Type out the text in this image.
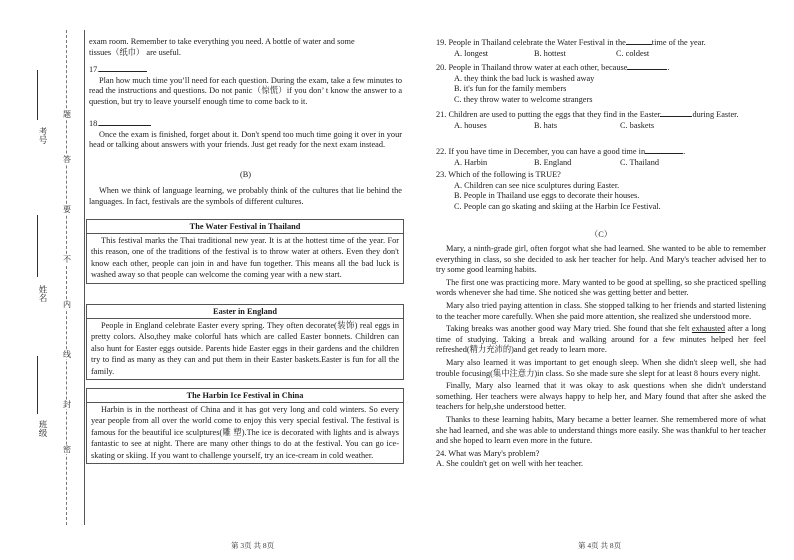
考号
姓名
班级
题
答
要
不
内
线
封
密

exam room. Remember to take everything you need. A bottle of water and some

tissues（纸巾） are useful.

17.

Plan how much time you’ll need for each question. During the exam, take a few minutes to read the instructions and questions. Do not panic（惊慌）if you don’ t know the answer to a question, but try to leave yourself enough time to come back to it.

18.

Once the exam is finished, forget about it. Don't spend too much time going it over in your head or talking about answers with your friends. Just get ready for the next exam instead.

(B)
When we think of language learning, we probably think of the cultures that lie behind the languages. In fact, festivals are the symbols of different cultures.
The Water Festival in Thailand
This festival marks the Thai traditional new year. It is at the hottest time of the year. For this reason, one of the traditions of the festival is to throw water at others. Even they don't know each other, people can join in and have fun together. This means all the bad luck is washed away so that people can welcome the coming year with a new start.
Easter in England
People in England celebrate Easter every spring. They often decorate(装饰) real eggs in pretty colors. Also,they make colorful hats which are called Easter bonnets. Children can also hunt for Easter eggs outside. Parents hide Easter eggs in their gardens and the children try to find as many as they can and put them in their Easter baskets.Easter is fun for all the family.
The Harbin Ice Festival in China
Harbin is in the northeast of China and it has got very long and cold winters. So every year people from all over the world come to enjoy this very special festival. The festival is famous for the beautiful ice sculptures(雕 塑).The ice is decorated with lights and is always fantastic to see at night. There are many other things to do at the festival. You can go ice-skating or skiing. If you want to challenge yourself, try an ice-cream in cold weather.
第 3页 共 8页

19. People in Thailand celebrate the Water Festival in the	time of the year.

A. longest	B. hottest	C. coldest

20. People in Thailand throw water at each other, because	.

A. they think the bad luck is washed away

B. it's fun for the family members

C. they throw water to welcome strangers

21. Children are used to putting the eggs that they find in the Easter	during Easter.

A. houses	B. hats	C. baskets

22. If you have time in December, you can have a good time in	.

A. Harbin	B. England	C. Thailand

23. Which of the following is TRUE?

A. Children can see nice sculptures during Easter.

B. People in Thailand use eggs to decorate their houses.

C. People can go skating and skiing at the Harbin Ice Festival.

（C）

Mary, a ninth-grade girl, often forgot what she had learned. She wanted to be able to remember everything in class, so she decided to ask her teacher for help. And Mary's teacher advised her to try some good learning habits.

The first one was practicing more. Mary wanted to be good at spelling, so she practiced spelling words whenever she had time. She noticed she was getting better and better.

Mary also tried paying attention in class. She stopped talking to her friends and started listening to the teacher more carefully. When she paid more attention, she realized she understood more.

Taking breaks was another good way Mary tried. She found that she felt exhausted after a long time of studying. Taking a break and walking around for a few minutes helped her feel refreshed(精力充沛的)and get ready to learn more.

Mary also learned it was important to get enough sleep. When she didn't sleep well, she had trouble focusing(集中注意力)in class. So she made sure she slept for at least 8 hours every night.

Finally, Mary also learned that it was okay to ask questions when she didn't understand something. Her teachers were always happy to help her, and Mary found that after she asked the teachers for help,she understood better.

Thanks to these learning habits, Mary became a better learner. She remembered more of what she had learned, and she was able to understand things more easily. She was thankful to her teacher and she hoped to learn even more in the future.

24. What was Mary's problem?

A. She couldn't get on well with her teacher.

第 4页 共 8页
